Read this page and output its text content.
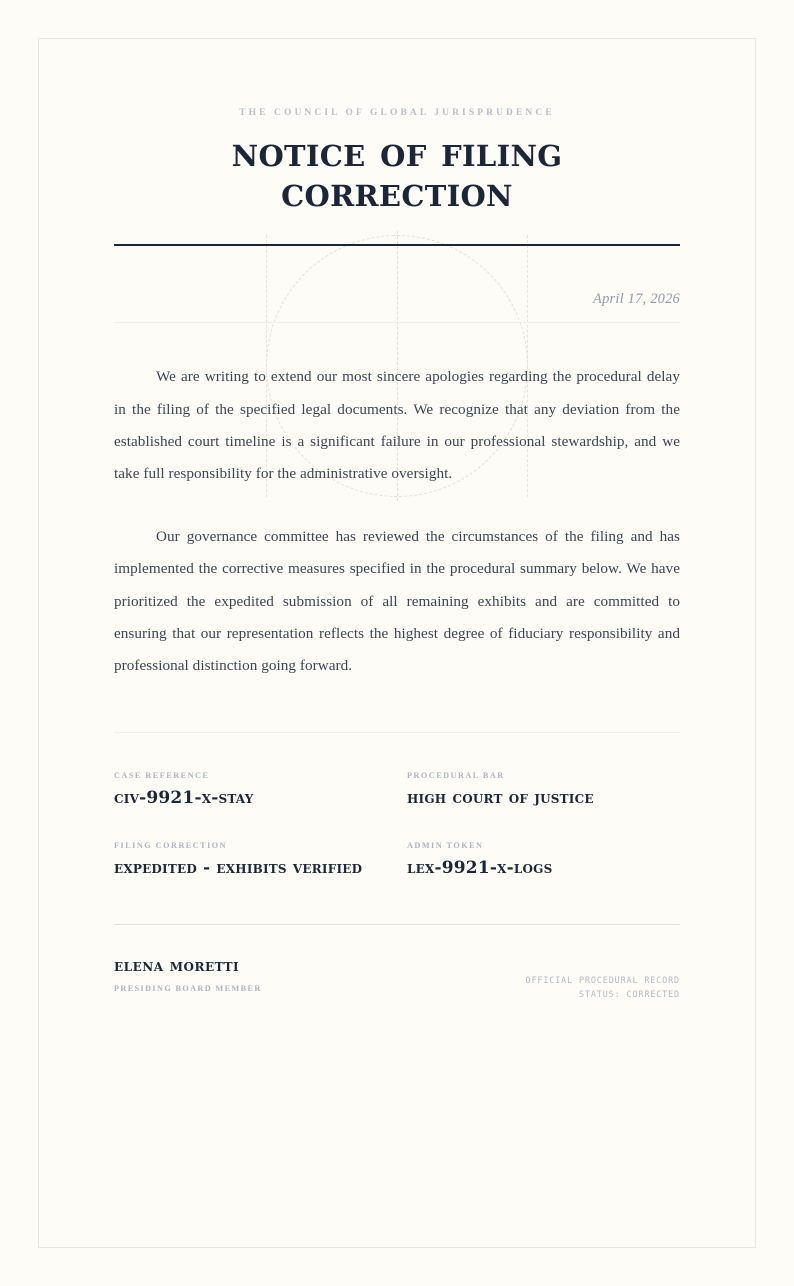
THE COUNCIL OF GLOBAL JURISPRUDENCE
notice of filing
correction
April 17, 2026

We are writing to extend our most sincere apologies regarding the procedural delay in the filing of the specified legal documents. We recognize that any deviation from the established court timeline is a significant failure in our professional stewardship, and we take full responsibility for the administrative oversight.

Our governance committee has reviewed the circumstances of the filing and has implemented the corrective measures specified in the procedural summary below. We have prioritized the expedited submission of all remaining exhibits and are committed to ensuring that our representation reflects the highest degree of fiduciary responsibility and professional distinction going forward.

CASE REFERENCE
civ-9921-x-stay
PROCEDURAL BAR
high court of justice
FILING CORRECTION
expedited - exhibits verified
ADMIN TOKEN
lex-9921-x-logs
elena moretti
PRESIDING BOARD MEMBER
OFFICIAL PROCEDURAL RECORD
STATUS: CORRECTED
